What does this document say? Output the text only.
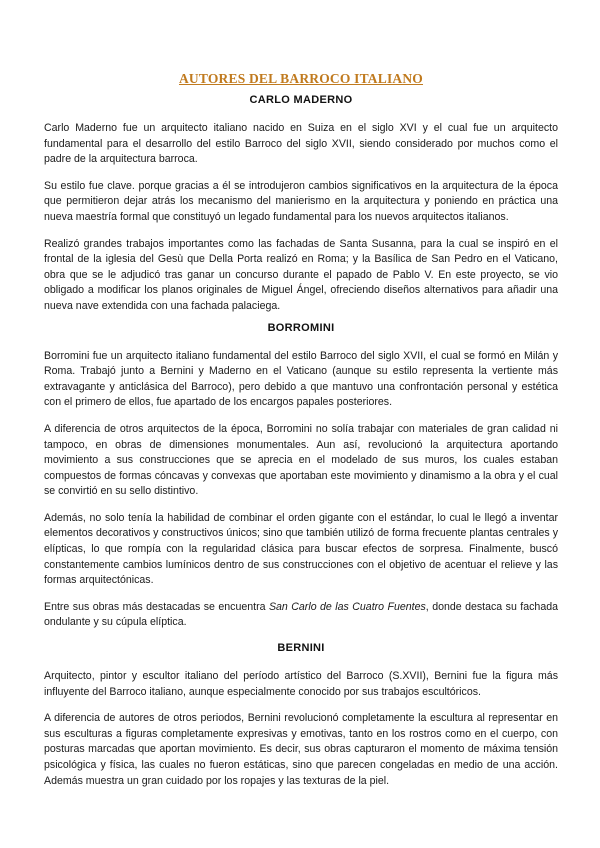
AUTORES DEL BARROCO ITALIANO
CARLO MADERNO

Carlo Maderno fue un arquitecto italiano nacido en Suiza en el siglo XVI y el cual fue un arquitecto fundamental para el desarrollo del estilo Barroco del siglo XVII, siendo considerado por muchos como el padre de la arquitectura barroca.

Su estilo fue clave. porque gracias a él se introdujeron cambios significativos en la arquitectura de la época que permitieron dejar atrás los mecanismo del manierismo en la arquitectura y poniendo en práctica una nueva maestría formal que constituyó un legado fundamental para los nuevos arquitectos italianos.

Realizó grandes trabajos importantes como las fachadas de Santa Susanna, para la cual se inspiró en el frontal de la iglesia del Gesù que Della Porta realizó en Roma; y la Basílica de San Pedro en el Vaticano, obra que se le adjudicó tras ganar un concurso durante el papado de Pablo V. En este proyecto, se vio obligado a modificar los planos originales de Miguel Ángel, ofreciendo diseños alternativos para añadir una nueva nave extendida con una fachada palaciega.

BORROMINI

Borromini fue un arquitecto italiano fundamental del estilo Barroco del siglo XVII, el cual se formó en Milán y Roma. Trabajó junto a Bernini y Maderno en el Vaticano (aunque su estilo representa la vertiente más extravagante y anticlásica del Barroco), pero debido a que mantuvo una confrontación personal y estética con el primero de ellos, fue apartado de los encargos papales posteriores.

A diferencia de otros arquitectos de la época, Borromini no solía trabajar con materiales de gran calidad ni tampoco, en obras de dimensiones monumentales. Aun así, revolucionó la arquitectura aportando movimiento a sus construcciones que se aprecia en el modelado de sus muros, los cuales estaban compuestos de formas cóncavas y convexas que aportaban este movimiento y dinamismo a la obra y el cual se convirtió en su sello distintivo.

Además, no solo tenía la habilidad de combinar el orden gigante con el estándar, lo cual le llegó a inventar elementos decorativos y constructivos únicos; sino que también utilizó de forma frecuente plantas centrales y elípticas, lo que rompía con la regularidad clásica para buscar efectos de sorpresa. Finalmente, buscó constantemente cambios lumínicos dentro de sus construcciones con el objetivo de acentuar el relieve y las formas arquitectónicas.

Entre sus obras más destacadas se encuentra San Carlo de las Cuatro Fuentes, donde destaca su fachada ondulante y su cúpula elíptica.

BERNINI

Arquitecto, pintor y escultor italiano del período artístico del Barroco (S.XVII), Bernini fue la figura más influyente del Barroco italiano, aunque especialmente conocido por sus trabajos escultóricos.

A diferencia de autores de otros periodos, Bernini revolucionó completamente la escultura al representar en sus esculturas a figuras completamente expresivas y emotivas, tanto en los rostros como en el cuerpo, con posturas marcadas que aportan movimiento. Es decir, sus obras capturaron el momento de máxima tensión psicológica y física, las cuales no fueron estáticas, sino que parecen congeladas en medio de una acción. Además muestra un gran cuidado por los ropajes y las texturas de la piel.
